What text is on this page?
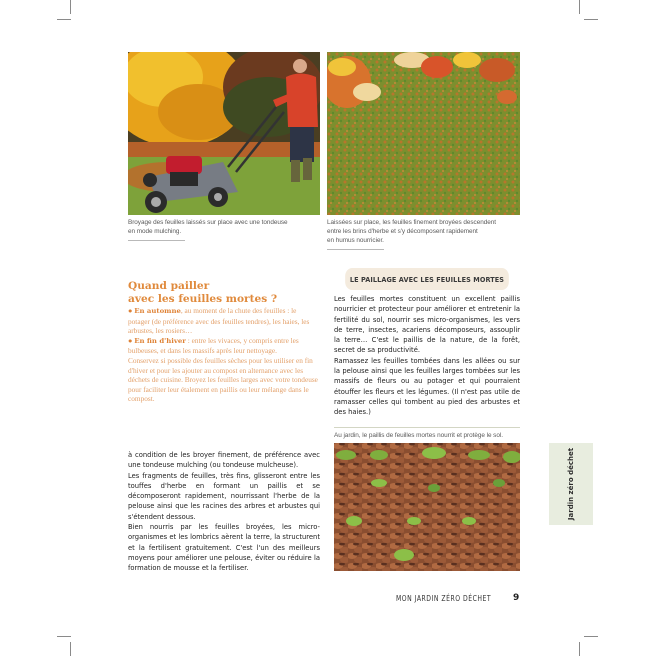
Broyage des feuilles laissés sur place avec une tondeuse
en mode mulching.
Laissées sur place, les feuilles finement broyées descendent
entre les brins d'herbe et s'y décomposent rapidement
en humus nourricier.
Quand pailler
avec les feuilles mortes ?

● En automne, au moment de la chute des feuilles : le potager (de préférence avec des feuilles tendres), les haies, les arbustes, les rosiers…

● En fin d'hiver : entre les vivaces, y compris entre les bulbeuses, et dans les massifs après leur nettoyage.

Conservez si possible des feuilles sèches pour les utiliser en fin d'hiver et pour les ajouter au compost en alternance avec les déchets de cuisine. Broyez les feuilles larges avec votre tondeuse pour faciliter leur étalement en paillis ou leur mélange dans le compost.

à condition de les broyer finement, de préférence avec une tondeuse mulching (ou tondeuse mulcheuse).

Les fragments de feuilles, très fins, glisseront entre les touffes d'herbe en formant un paillis et se décomposeront rapidement, nourrissant l'herbe de la pelouse ainsi que les racines des arbres et arbustes qui s'étendent dessous.

Bien nourris par les feuilles broyées, les micro-organismes et les lombrics aèrent la terre, la structurent et la fertilisent gratuitement. C'est l'un des meilleurs moyens pour améliorer une pelouse, éviter ou réduire la formation de mousse et la fertiliser.

LE PAILLAGE AVEC LES FEUILLES MORTES

Les feuilles mortes constituent un excellent paillis nourricier et protecteur pour améliorer et entretenir la fertilité du sol, nourrir ses micro-organismes, les vers de terre, insectes, acariens décomposeurs, assouplir la terre… C'est le paillis de la nature, de la forêt, secret de sa productivité.

Ramassez les feuilles tombées dans les allées ou sur la pelouse ainsi que les feuilles larges tombées sur les massifs de fleurs ou au potager et qui pourraient étouffer les fleurs et les légumes. (Il n'est pas utile de ramasser celles qui tombent au pied des arbustes et des haies.)

Au jardin, le paillis de feuilles mortes nourrit et protège le sol.
Jardin zéro déchet
MON JARDIN ZÉRO DÉCHET 9
